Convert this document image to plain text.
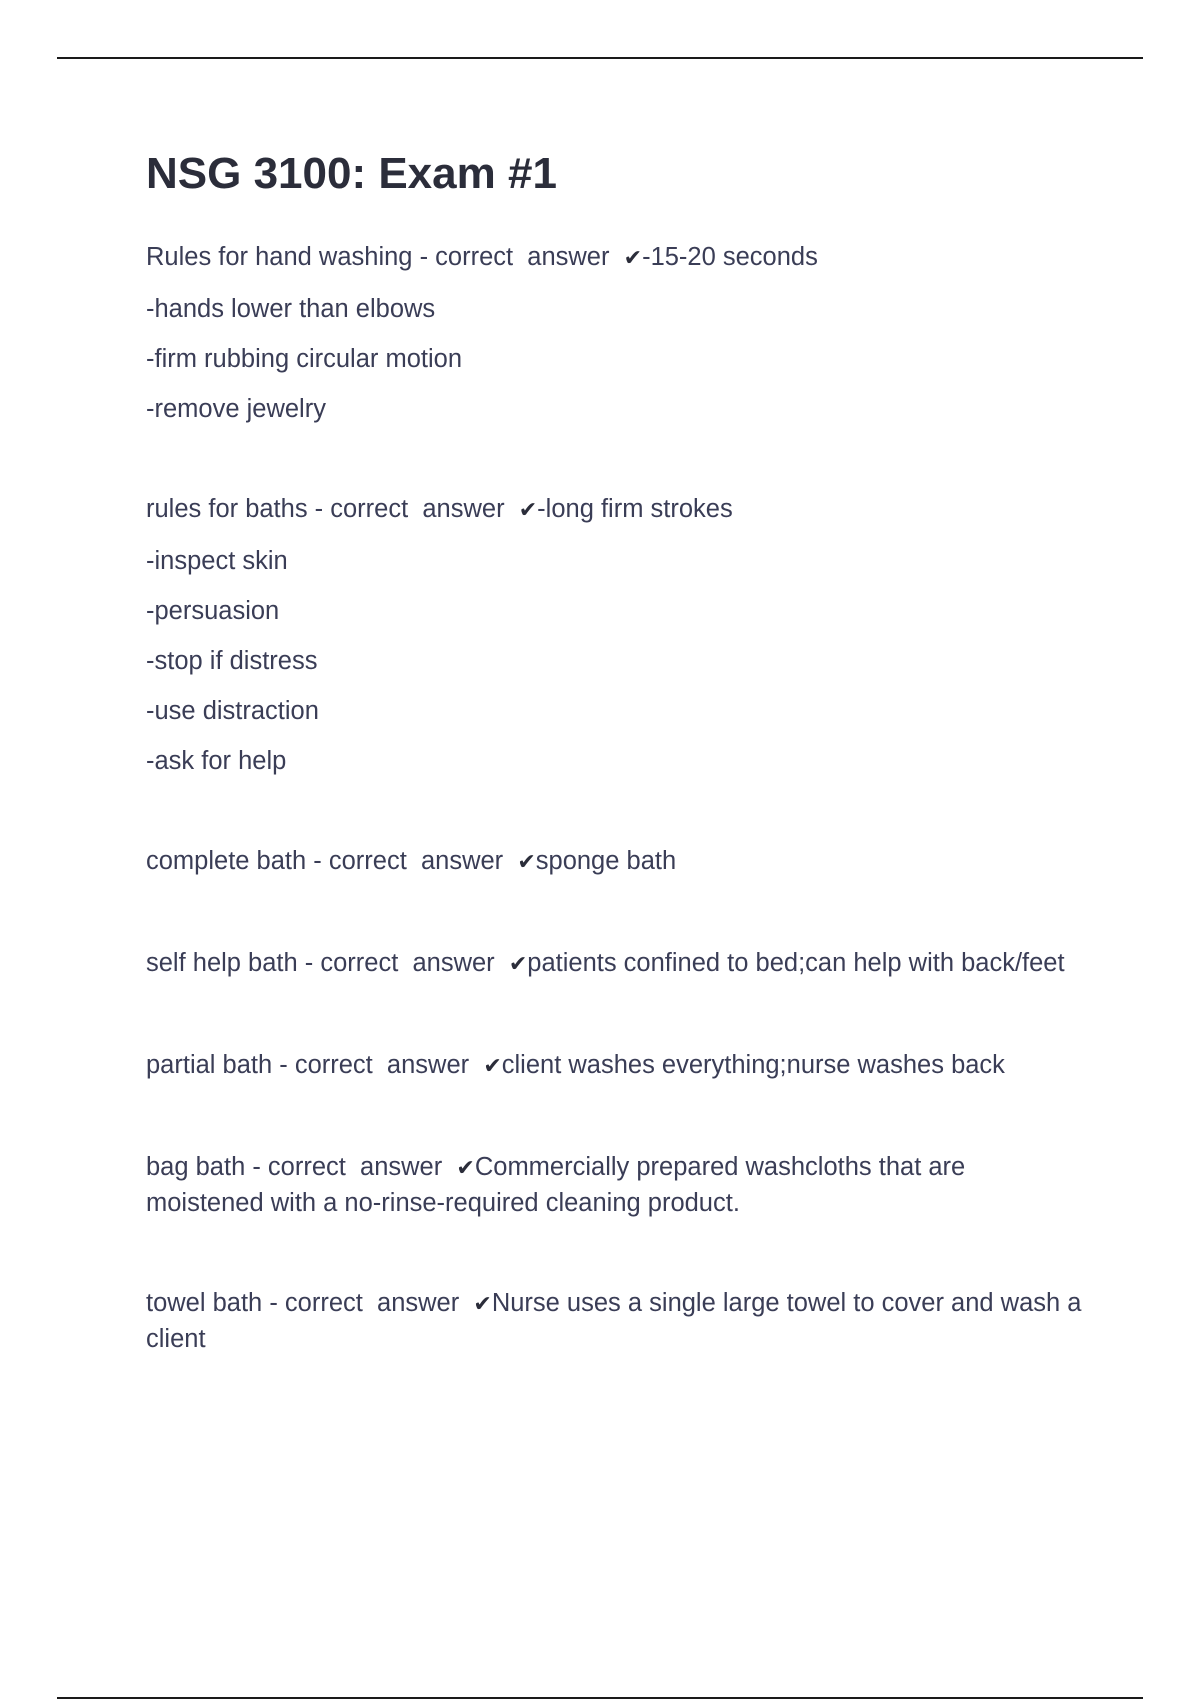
NSG 3100: Exam #1
Rules for hand washing - correct  answer  ✔-15-20 seconds
-hands lower than elbows
-firm rubbing circular motion
-remove jewelry
rules for baths - correct  answer  ✔-long firm strokes
-inspect skin
-persuasion
-stop if distress
-use distraction
-ask for help
complete bath - correct  answer  ✔sponge bath
self help bath - correct  answer  ✔patients confined to bed;can help with back/feet
partial bath - correct  answer  ✔client washes everything;nurse washes back
bag bath - correct  answer  ✔Commercially prepared washcloths that are moistened with a no-rinse-required cleaning product.
towel bath - correct  answer  ✔Nurse uses a single large towel to cover and wash a client
